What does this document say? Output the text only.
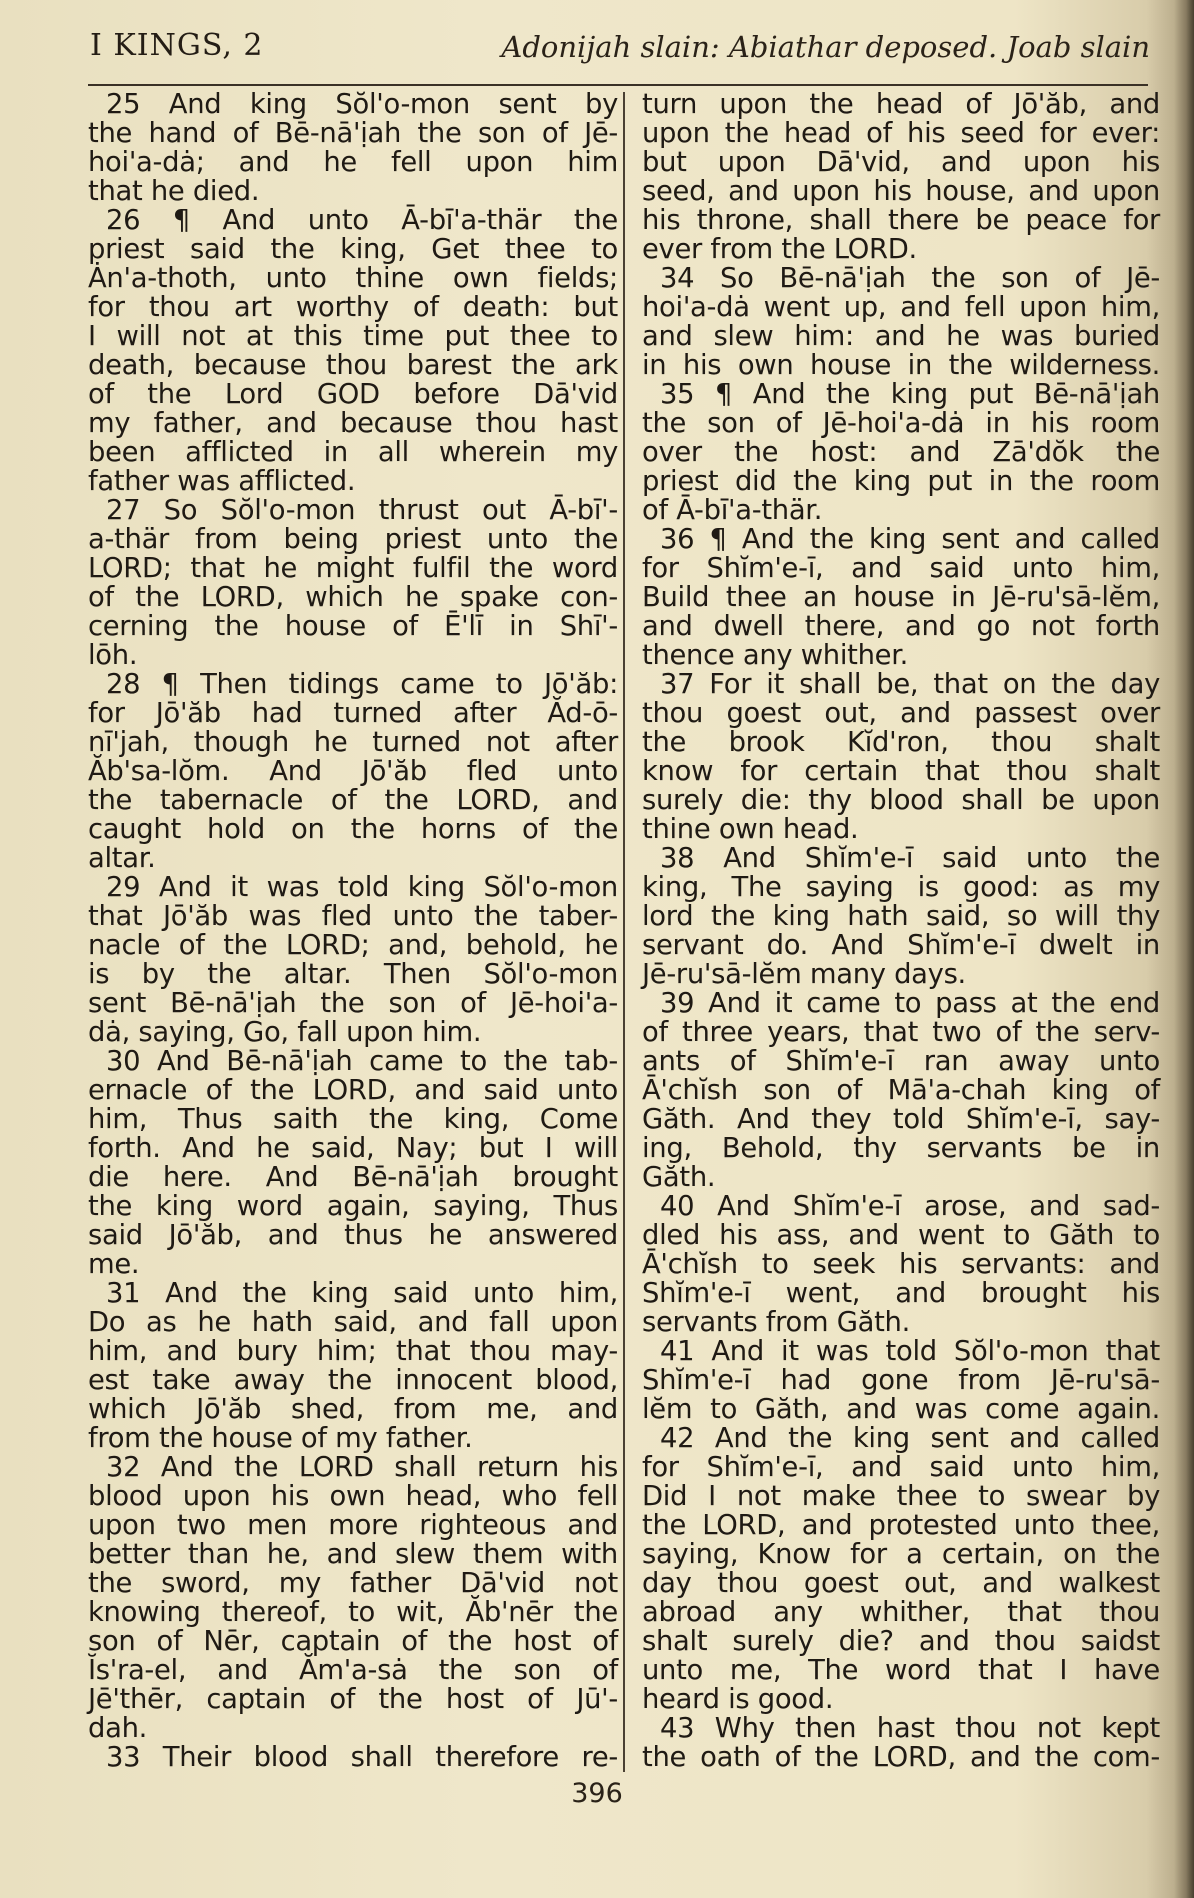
I KINGS, 2	Adonijah slain: Abiathar deposed. Joab slain
25 And king Sŏl'o-mon sent by
the hand of Bē-nā'ịah the son of Jē-
hoi'a-dȧ; and he fell upon him
that he died.
26 ¶ And unto Ā-bī'a-thär the
priest said the king, Get thee to
Ȧn'a-thoth, unto thine own fields;
for thou art worthy of death: but
I will not at this time put thee to
death, because thou barest the ark
of the Lord GOD before Dā'vid
my father, and because thou hast
been afflicted in all wherein my
father was afflicted.
27 So Sŏl'o-mon thrust out Ā-bī'-
a-thär from being priest unto the
LORD; that he might fulfil the word
of the LORD, which he spake con-
cerning the house of Ē'lī in Shī'-
lōh.
28 ¶ Then tidings came to Jō'ăb:
for Jō'ăb had turned after Ăd-ō-
nī'jah, though he turned not after
Ăb'sa-lŏm. And Jō'ăb fled unto
the tabernacle of the LORD, and
caught hold on the horns of the
altar.
29 And it was told king Sŏl'o-mon
that Jō'ăb was fled unto the taber-
nacle of the LORD; and, behold, he
is by the altar. Then Sŏl'o-mon
sent Bē-nā'ịah the son of Jē-hoi'a-
dȧ, saying, Go, fall upon him.
30 And Bē-nā'ịah came to the tab-
ernacle of the LORD, and said unto
him, Thus saith the king, Come
forth. And he said, Nay; but I will
die here. And Bē-nā'ịah brought
the king word again, saying, Thus
said Jō'ăb, and thus he answered
me.
31 And the king said unto him,
Do as he hath said, and fall upon
him, and bury him; that thou may-
est take away the innocent blood,
which Jō'ăb shed, from me, and
from the house of my father.
32 And the LORD shall return his
blood upon his own head, who fell
upon two men more righteous and
better than he, and slew them with
the sword, my father Dā'vid not
knowing thereof, to wit, Ăb'nēr the
son of Nēr, captain of the host of
Ĭs'ra-el, and Ăm'a-sȧ the son of
Jē'thēr, captain of the host of Jū'-
dah.
33 Their blood shall therefore re-
turn upon the head of Jō'ăb, and
upon the head of his seed for ever:
but upon Dā'vid, and upon his
seed, and upon his house, and upon
his throne, shall there be peace for
ever from the LORD.
34 So Bē-nā'ịah the son of Jē-
hoi'a-dȧ went up, and fell upon him,
and slew him: and he was buried
in his own house in the wilderness.
35 ¶ And the king put Bē-nā'ịah
the son of Jē-hoi'a-dȧ in his room
over the host: and Zā'dŏk the
priest did the king put in the room
of Ā-bī'a-thär.
36 ¶ And the king sent and called
for Shĭm'e-ī, and said unto him,
Build thee an house in Jē-ru'sā-lĕm,
and dwell there, and go not forth
thence any whither.
37 For it shall be, that on the day
thou goest out, and passest over
the brook Kĭd'ron, thou shalt
know for certain that thou shalt
surely die: thy blood shall be upon
thine own head.
38 And Shĭm'e-ī said unto the
king, The saying is good: as my
lord the king hath said, so will thy
servant do. And Shĭm'e-ī dwelt in
Jē-ru'sā-lĕm many days.
39 And it came to pass at the end
of three years, that two of the serv-
ants of Shĭm'e-ī ran away unto
Ā'chĭsh son of Mā'a-chah king of
Găth. And they told Shĭm'e-ī, say-
ing, Behold, thy servants be in
Găth.
40 And Shĭm'e-ī arose, and sad-
dled his ass, and went to Găth to
Ā'chĭsh to seek his servants: and
Shĭm'e-ī went, and brought his
servants from Găth.
41 And it was told Sŏl'o-mon that
Shĭm'e-ī had gone from Jē-ru'sā-
lĕm to Găth, and was come again.
42 And the king sent and called
for Shĭm'e-ī, and said unto him,
Did I not make thee to swear by
the LORD, and protested unto thee,
saying, Know for a certain, on the
day thou goest out, and walkest
abroad any whither, that thou
shalt surely die? and thou saidst
unto me, The word that I have
heard is good.
43 Why then hast thou not kept
the oath of the LORD, and the com-
396
